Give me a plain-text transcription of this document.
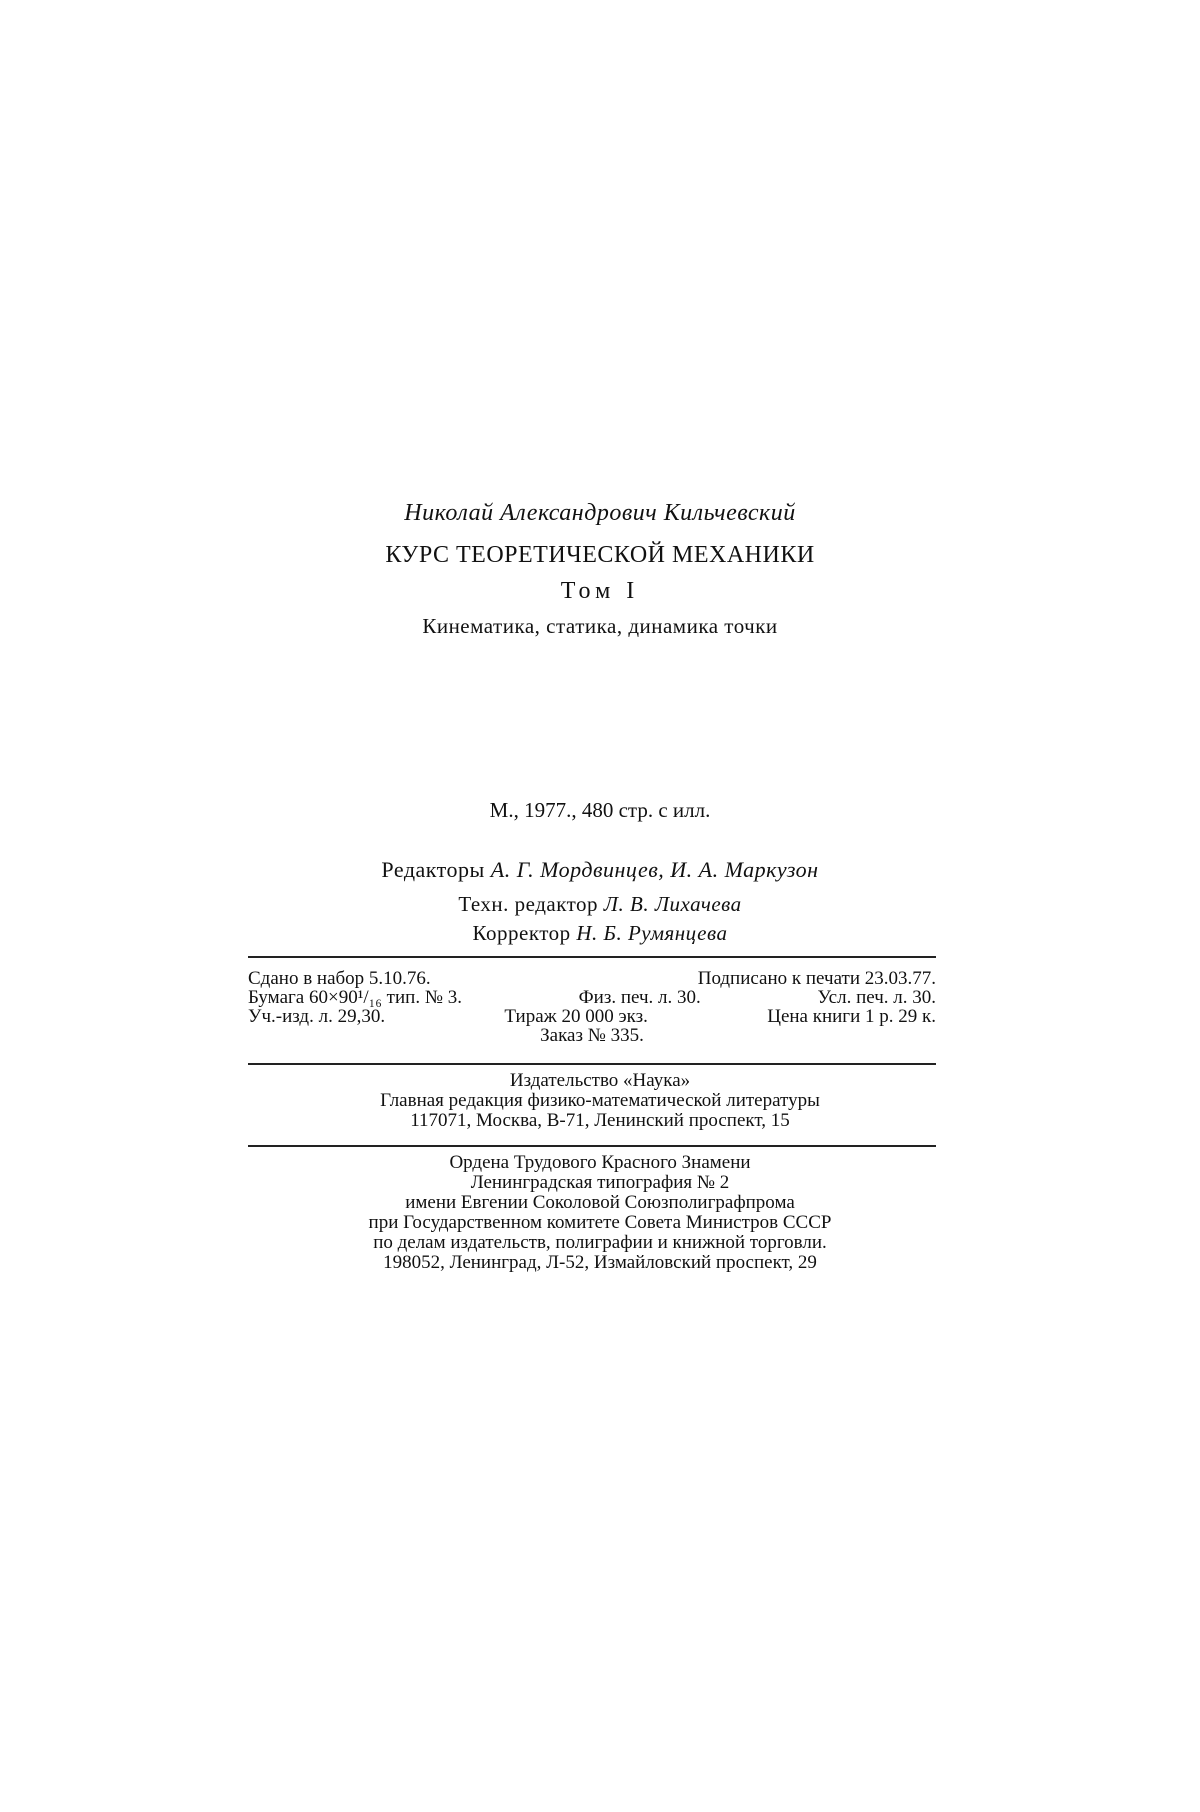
Николай Александрович Кильчевский
КУРС ТЕОРЕТИЧЕСКОЙ МЕХАНИКИ
Том I
Кинематика, статика, динамика точки
М., 1977., 480 стр. с илл.
Редакторы А. Г. Мордвинцев, И. А. Маркузон
Техн. редактор Л. В. Лихачева
Корректор Н. Б. Румянцева
Сдано в набор 5.10.76.	Подписано к печати 23.03.77.
Бумага 60×90¹/₁₆ тип. № 3.	Физ. печ. л. 30.	Усл. печ. л. 30.
Уч.-изд. л. 29,30.	Тираж 20 000 экз.	Цена книги 1 р. 29 к.
Заказ № 335.
Издательство «Наука»
Главная редакция физико-математической литературы
117071, Москва, В-71, Ленинский проспект, 15
Ордена Трудового Красного Знамени
Ленинградская типография № 2
имени Евгении Соколовой Союзполиграфпрома
при Государственном комитете Совета Министров СССР
по делам издательств, полиграфии и книжной торговли.
198052, Ленинград, Л-52, Измайловский проспект, 29
